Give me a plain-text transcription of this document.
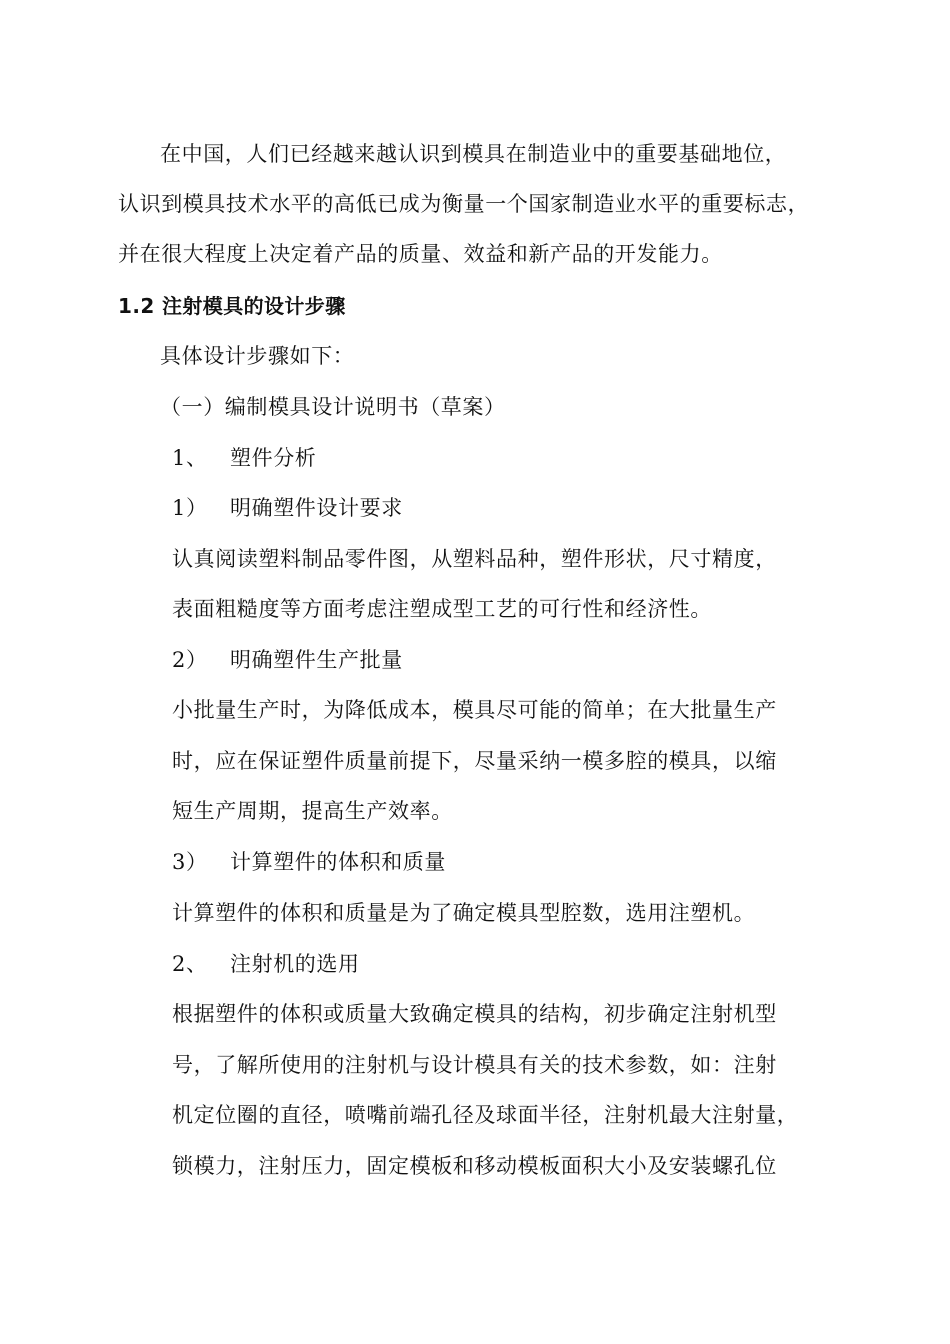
在中国，人们已经越来越认识到模具在制造业中的重要基础地位，
认识到模具技术水平的高低已成为衡量一个国家制造业水平的重要标志，
并在很大程度上决定着产品的质量、效益和新产品的开发能力。
1.2 注射模具的设计步骤
具体设计步骤如下：
（一）编制模具设计说明书（草案）
1、 塑件分析
1） 明确塑件设计要求
认真阅读塑料制品零件图，从塑料品种，塑件形状，尺寸精度，
表面粗糙度等方面考虑注塑成型工艺的可行性和经济性。
2） 明确塑件生产批量
小批量生产时，为降低成本，模具尽可能的简单；在大批量生产
时，应在保证塑件质量前提下，尽量采纳一模多腔的模具，以缩
短生产周期，提高生产效率。
3） 计算塑件的体积和质量
计算塑件的体积和质量是为了确定模具型腔数，选用注塑机。
2、 注射机的选用
根据塑件的体积或质量大致确定模具的结构，初步确定注射机型
号，了解所使用的注射机与设计模具有关的技术参数，如：注射
机定位圈的直径，喷嘴前端孔径及球面半径，注射机最大注射量，
锁模力，注射压力，固定模板和移动模板面积大小及安装螺孔位
